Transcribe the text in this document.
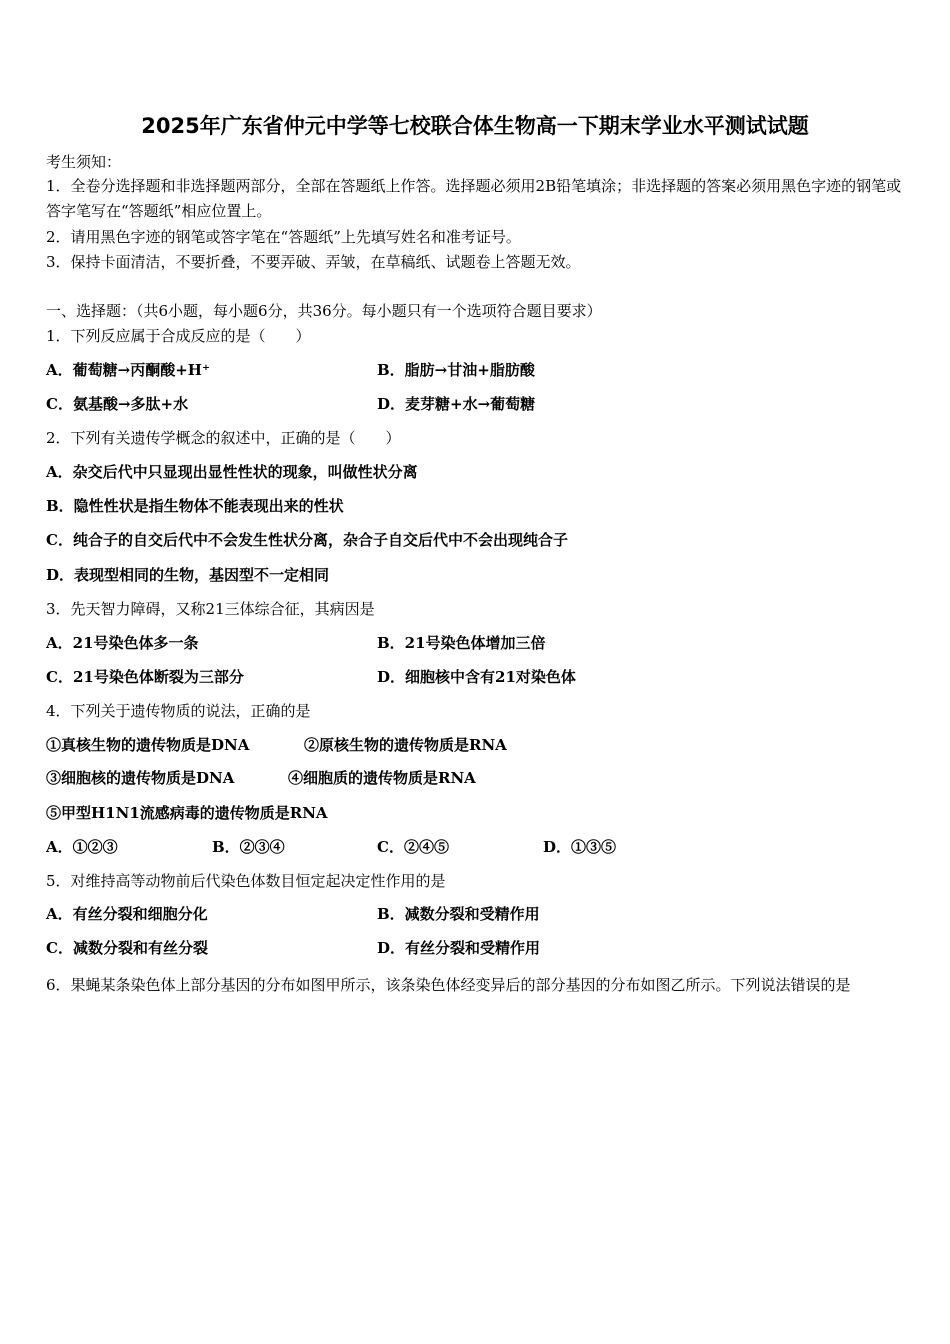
2025年广东省仲元中学等七校联合体生物高一下期末学业水平测试试题
考生须知：
1．全卷分选择题和非选择题两部分，全部在答题纸上作答。选择题必须用2B铅笔填涂；非选择题的答案必须用黑色字迹的钢笔或答字笔写在“答题纸”相应位置上。
2．请用黑色字迹的钢笔或答字笔在“答题纸”上先填写姓名和准考证号。
3．保持卡面清洁，不要折叠，不要弄破、弄皱，在草稿纸、试题卷上答题无效。
一、选择题：（共6小题，每小题6分，共36分。每小题只有一个选项符合题目要求）
1．下列反应属于合成反应的是（　　）
A．葡萄糖→丙酮酸+H⁺	B．脂肪→甘油+脂肪酸
C．氨基酸→多肽+水	D．麦芽糖+水→葡萄糖
2．下列有关遗传学概念的叙述中，正确的是（　　）
A．杂交后代中只显现出显性性状的现象，叫做性状分离
B．隐性性状是指生物体不能表现出来的性状
C．纯合子的自交后代中不会发生性状分离，杂合子自交后代中不会出现纯合子
D．表现型相同的生物，基因型不一定相同
3．先天智力障碍，又称21三体综合征，其病因是
A．21号染色体多一条	B．21号染色体增加三倍
C．21号染色体断裂为三部分	D．细胞核中含有21对染色体
4．下列关于遗传物质的说法，正确的是
①真核生物的遗传物质是DNA	②原核生物的遗传物质是RNA
③细胞核的遗传物质是DNA	④细胞质的遗传物质是RNA
⑤甲型H1N1流感病毒的遗传物质是RNA
A．①②③	B．②③④	C．②④⑤	D．①③⑤
5．对维持高等动物前后代染色体数目恒定起决定性作用的是
A．有丝分裂和细胞分化	B．减数分裂和受精作用
C．减数分裂和有丝分裂	D．有丝分裂和受精作用
6．果蝇某条染色体上部分基因的分布如图甲所示，该条染色体经变异后的部分基因的分布如图乙所示。下列说法错误的是
